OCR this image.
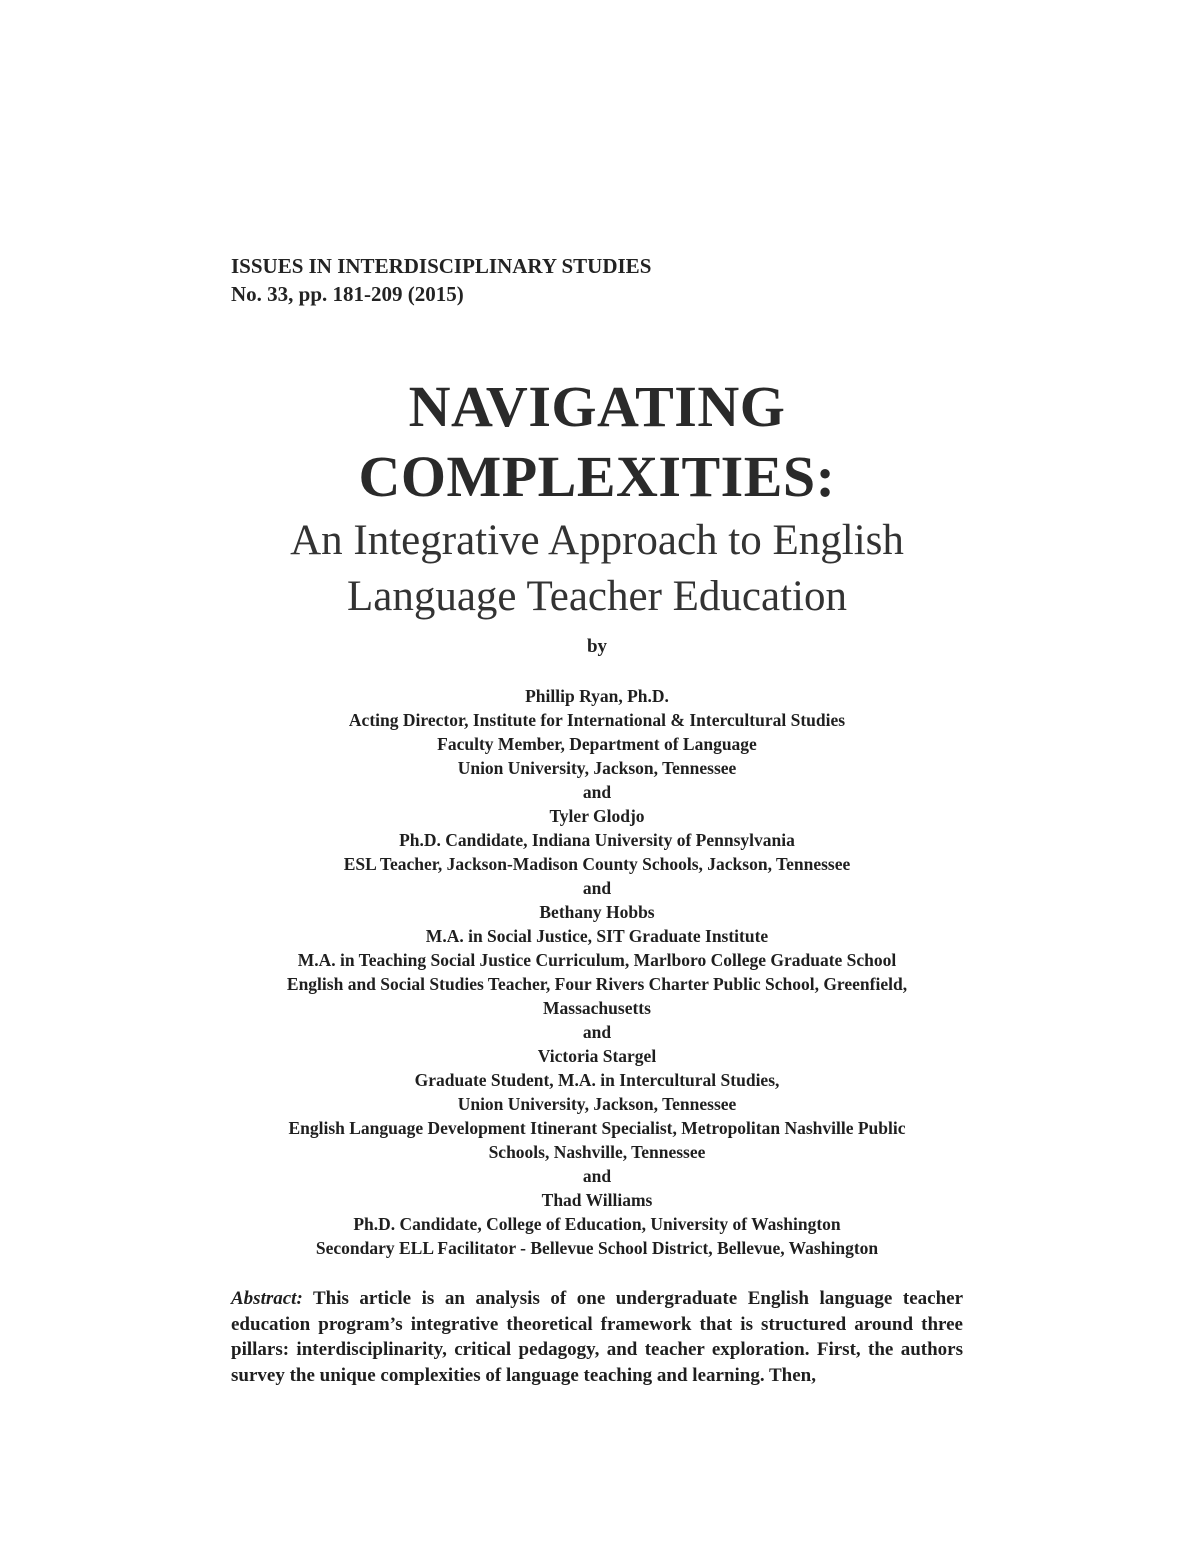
ISSUES IN INTERDISCIPLINARY STUDIES
No. 33, pp. 181-209 (2015)
NAVIGATING
COMPLEXITIES:
An Integrative Approach to English
Language Teacher Education
by
Phillip Ryan, Ph.D.
Acting Director, Institute for International & Intercultural Studies
Faculty Member, Department of Language
Union University, Jackson, Tennessee
and
Tyler Glodjo
Ph.D. Candidate, Indiana University of Pennsylvania
ESL Teacher, Jackson-Madison County Schools, Jackson, Tennessee
and
Bethany Hobbs
M.A. in Social Justice, SIT Graduate Institute
M.A. in Teaching Social Justice Curriculum, Marlboro College Graduate School
English and Social Studies Teacher, Four Rivers Charter Public School, Greenfield,
Massachusetts
and
Victoria Stargel
Graduate Student, M.A. in Intercultural Studies,
Union University, Jackson, Tennessee
English Language Development Itinerant Specialist, Metropolitan Nashville Public
Schools, Nashville, Tennessee
and
Thad Williams
Ph.D. Candidate, College of Education, University of Washington
Secondary ELL Facilitator - Bellevue School District, Bellevue, Washington
Abstract: This article is an analysis of one undergraduate English language teacher education program’s integrative theoretical framework that is structured around three pillars: interdisciplinarity, critical pedagogy, and teacher exploration. First, the authors survey the unique complexities of language teaching and learning. Then,
